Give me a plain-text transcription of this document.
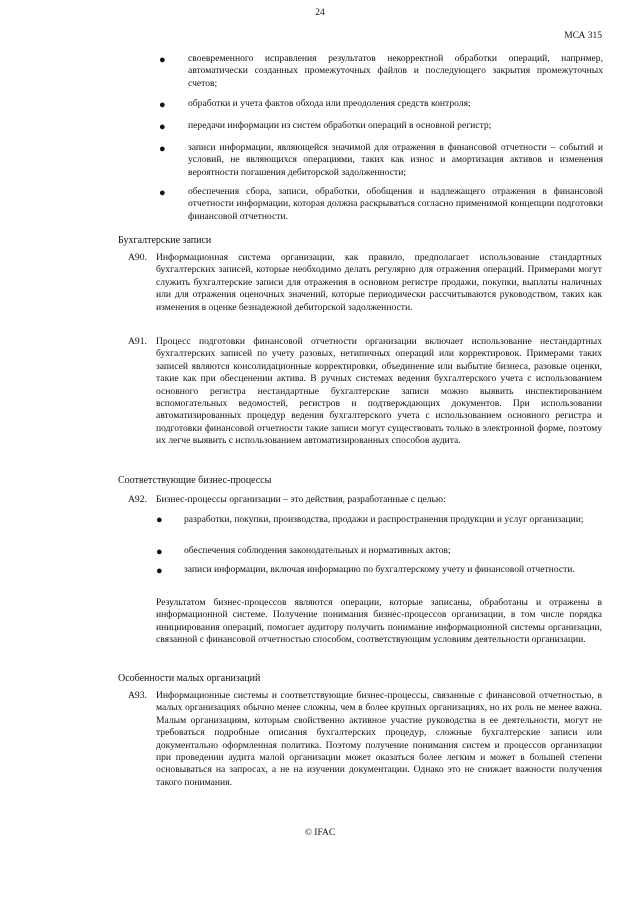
24
МСА 315
● своевременного исправления результатов некорректной обработки операций, например, автоматически созданных промежуточных файлов и последующего закрытия промежуточных счетов;
● обработки и учета фактов обхода или преодоления средств контроля;
● передачи информации из систем обработки операций в основной регистр;
● записи информации, являющейся значимой для отражения в финансовой отчетности – событий и условий, не являющихся операциями, таких как износ и амортизация активов и изменения вероятности погашения дебиторской задолженности;
● обеспечения сбора, записи, обработки, обобщения и надлежащего отражения в финансовой отчетности информации, которая должна раскрываться согласно применимой концепции подготовки финансовой отчетности.
Бухгалтерские записи
A90. Информационная система организации, как правило, предполагает использование стандартных бухгалтерских записей, которые необходимо делать регулярно для отражения операций. Примерами могут служить бухгалтерские записи для отражения в основном регистре продажи, покупки, выплаты наличных или для отражения оценочных значений, которые периодически рассчитываются руководством, таких как изменения в оценке безнадежной дебиторской задолженности.
A91. Процесс подготовки финансовой отчетности организации включает использование нестандартных бухгалтерских записей по учету разовых, нетипичных операций или корректировок. Примерами таких записей являются консолидационные корректировки, объединение или выбытие бизнеса, разовые оценки, такие как при обесценении актива. В ручных системах ведения бухгалтерского учета с использованием основного регистра нестандартные бухгалтерские записи можно выявить инспектированием вспомогательных ведомостей, регистров и подтверждающих документов. При использовании автоматизированных процедур ведения бухгалтерского учета с использованием основного регистра и подготовки финансовой отчетности такие записи могут существовать только в электронной форме, поэтому их легче выявить с использованием автоматизированных способов аудита.
Соответствующие бизнес-процессы
A92. Бизнес-процессы организации – это действия, разработанные с целью:
● разработки, покупки, производства, продажи и распространения продукции и услуг организации;
● обеспечения соблюдения законодательных и нормативных актов;
● записи информации, включая информацию по бухгалтерскому учету и финансовой отчетности.
Результатом бизнес-процессов являются операции, которые записаны, обработаны и отражены в информационной системе. Получение понимания бизнес-процессов организации, в том числе порядка инициирования операций, помогает аудитору получить понимание информационной системы организации, связанной с финансовой отчетностью способом, соответствующим условиям деятельности организации.
Особенности малых организаций
A93. Информационные системы и соответствующие бизнес-процессы, связанные с финансовой отчетностью, в малых организациях обычно менее сложны, чем в более крупных организациях, но их роль не менее важна. Малым организациям, которым свойственно активное участие руководства в ее деятельности, могут не требоваться подробные описания бухгалтерских процедур, сложные бухгалтерские записи или документально оформленная политика. Поэтому получение понимания систем и процессов организации при проведении аудита малой организации может оказаться более легким и может в большей степени основываться на запросах, а не на изучении документации. Однако это не снижает важности получения такого понимания.
© IFAC
